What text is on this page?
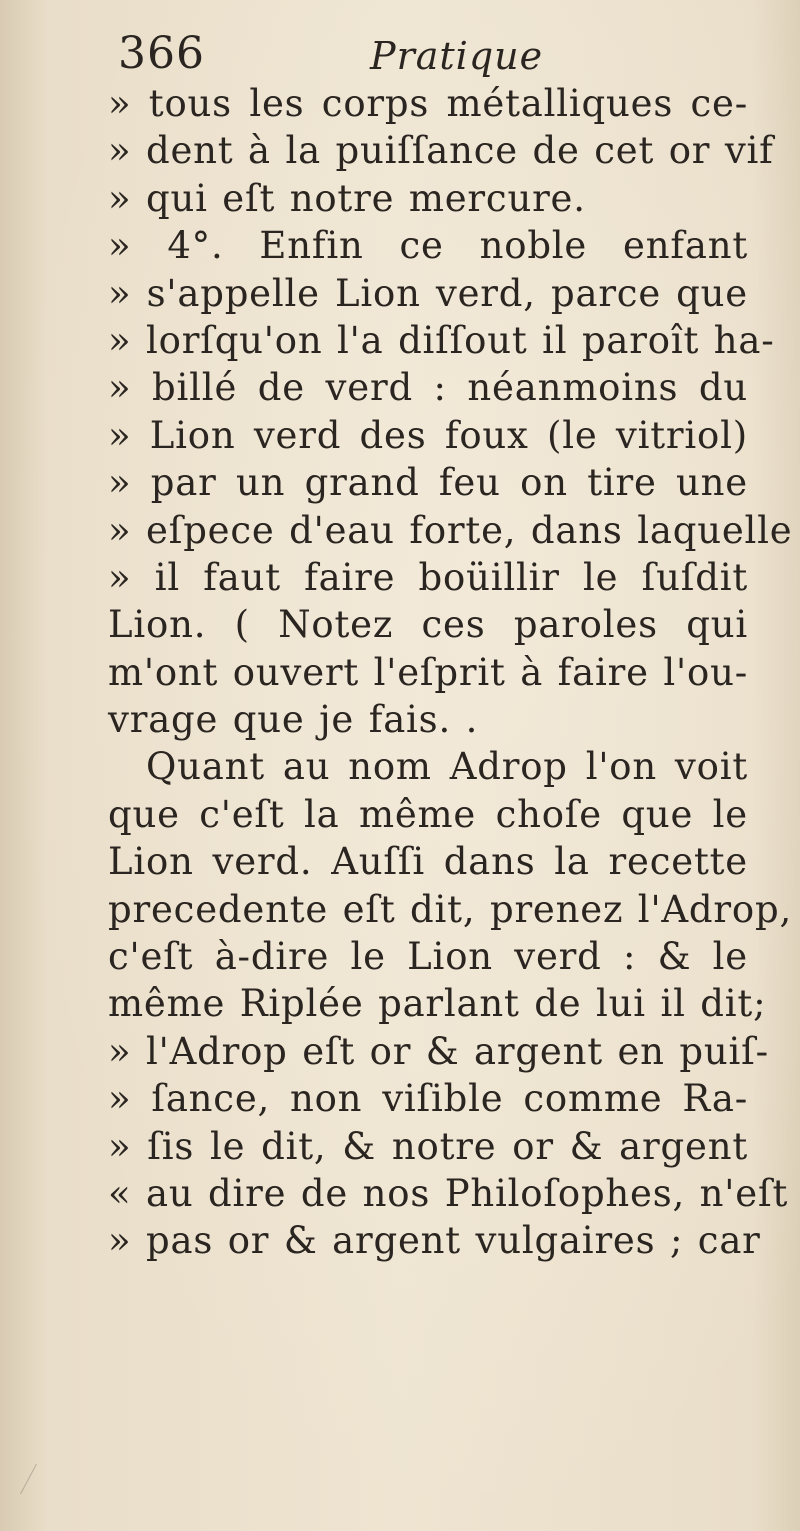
366	Pratique
» tous les corps métalliques ce-
» dent à la puiſſance de cet or vif
» qui eſt notre mercure.
» 4°. Enfin ce noble enfant
» s'appelle Lion verd, parce que
» lorſqu'on l'a diſſout il paroît ha-
» billé de verd : néanmoins du
» Lion verd des foux (le vitriol)
» par un grand feu on tire une
» eſpece d'eau forte, dans laquelle
» il faut faire boüillir le ſuſdit
Lion. ( Notez ces paroles qui
m'ont ouvert l'eſprit à faire l'ou-
vrage que je fais. .
Quant au nom Adrop l'on voit
que c'eſt la même choſe que le
Lion verd. Auſſi dans la recette
precedente eſt dit, prenez l'Adrop,
c'eſt à-dire le Lion verd : & le
même Riplée parlant de lui il dit;
» l'Adrop eſt or & argent en puiſ-
» ſance, non viſible comme Ra-
» ſis le dit, & notre or & argent
« au dire de nos Philoſophes, n'eſt
» pas or & argent vulgaires ; car
